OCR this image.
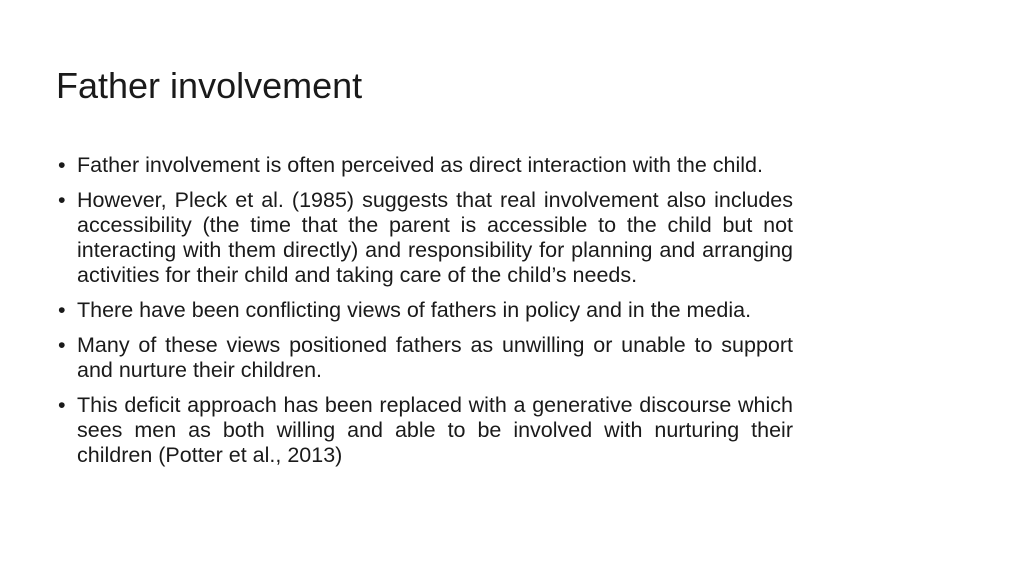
Father involvement
• Father involvement is often perceived as direct interaction with the child.
• However, Pleck et al. (1985) suggests that real involvement also includes accessibility (the time that the parent is accessible to the child but not interacting with them directly) and responsibility for planning and arranging activities for their child and taking care of the child’s needs.
• There have been conflicting views of fathers in policy and in the media.
• Many of these views positioned fathers as unwilling or unable to support and nurture their children.
• This deficit approach has been replaced with a generative discourse which sees men as both willing and able to be involved with nurturing their children (Potter et al., 2013)
